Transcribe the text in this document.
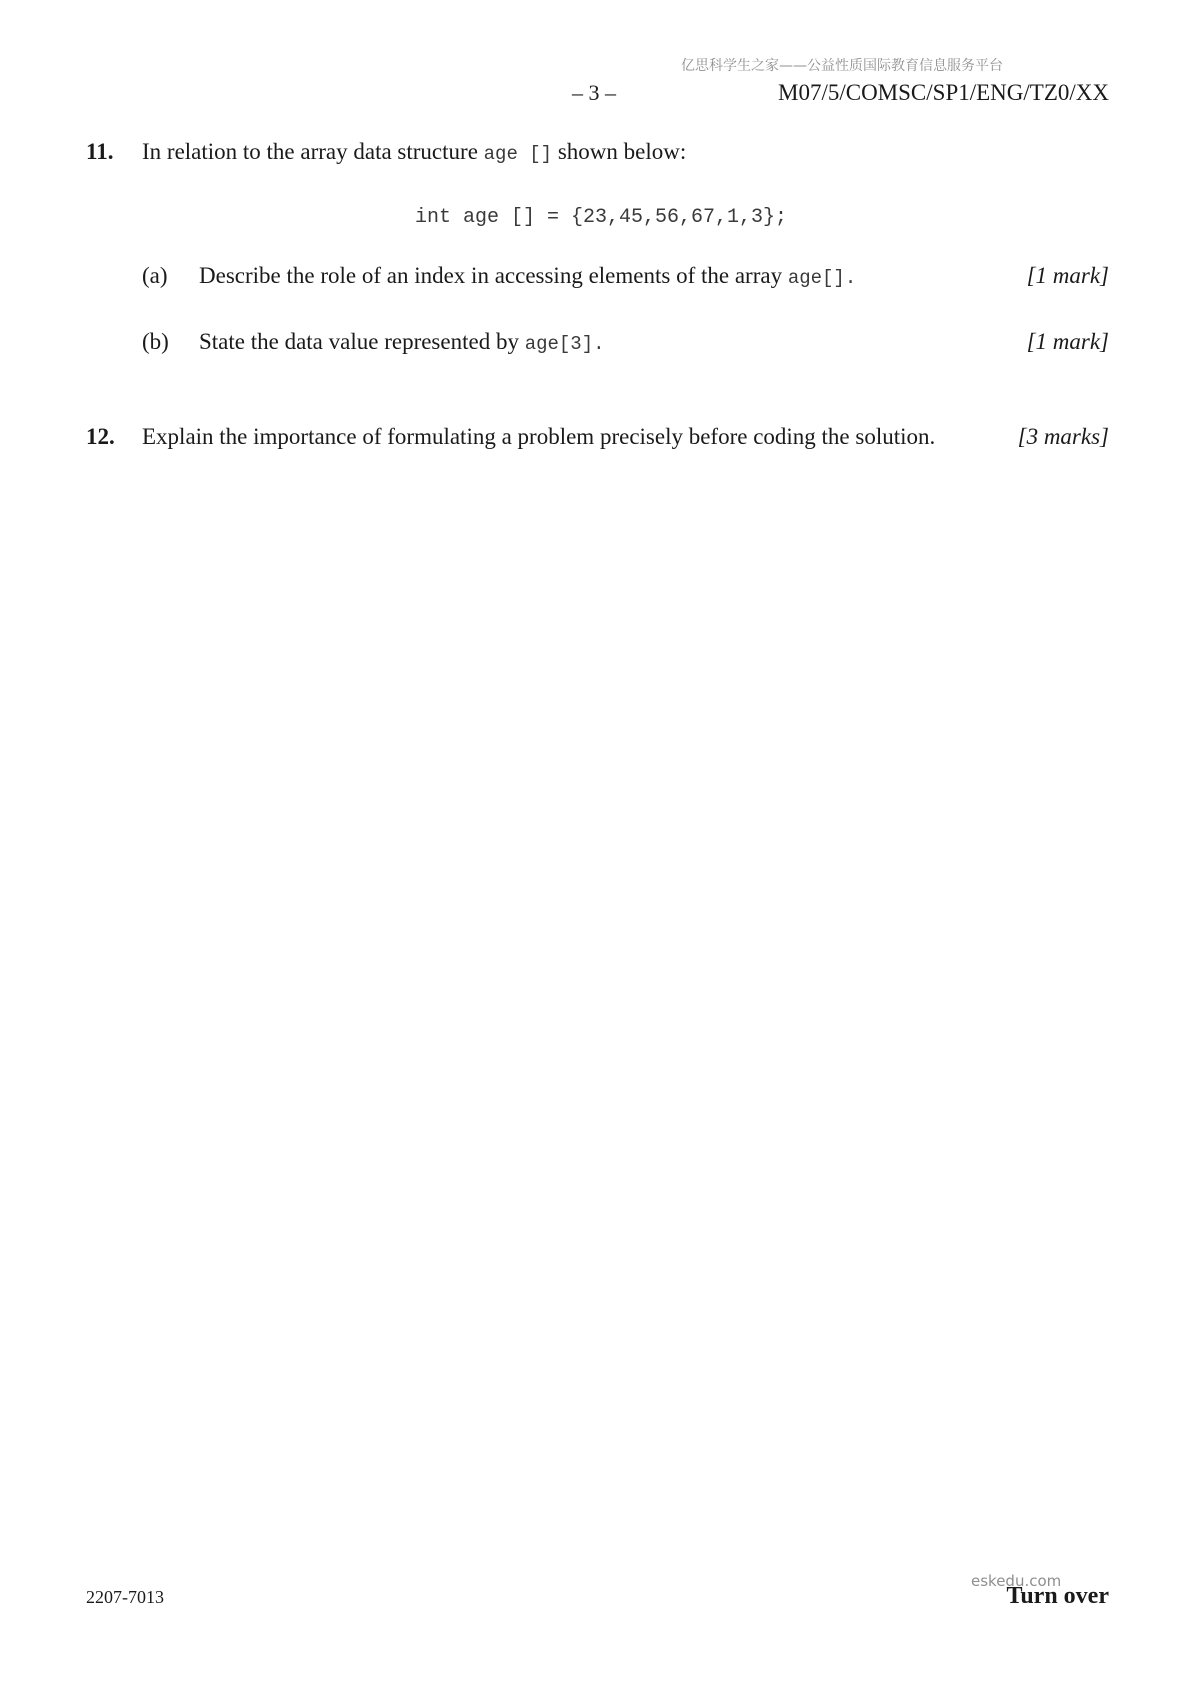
亿思科学生之家——公益性质国际教育信息服务平台
– 3 –	M07/5/COMSC/SP1/ENG/TZ0/XX
11. In relation to the array data structure age [] shown below:
int age [] = {23,45,56,67,1,3};
(a) Describe the role of an index in accessing elements of the array age[].	[1 mark]
(b) State the data value represented by age[3].	[1 mark]
12. Explain the importance of formulating a problem precisely before coding the solution.	[3 marks]
2207-7013	Turn over
eskedu.com
